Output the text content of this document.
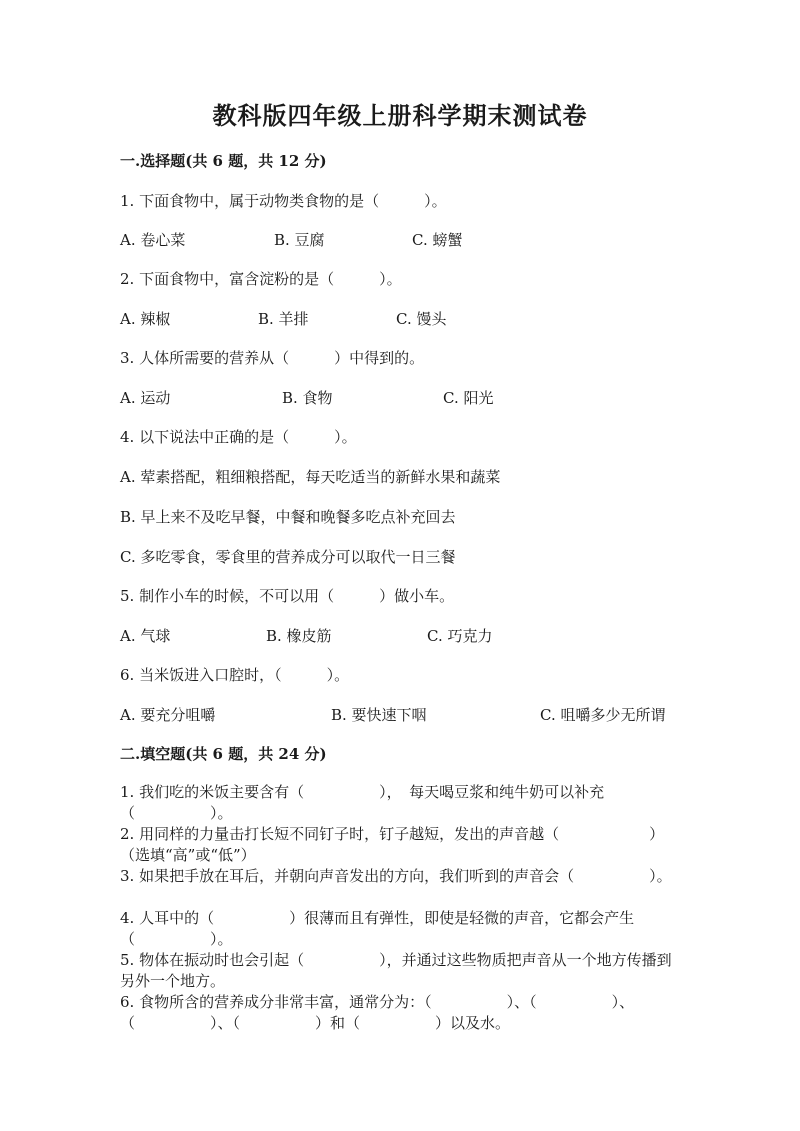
教科版四年级上册科学期末测试卷
一.选择题(共 6 题，共 12 分)
1. 下面食物中，属于动物类食物的是（　　　）。
A. 卷心菜	B. 豆腐	C. 螃蟹
2. 下面食物中，富含淀粉的是（　　　）。
A. 辣椒	B. 羊排	C. 馒头
3. 人体所需要的营养从（　　　）中得到的。
A. 运动	B. 食物	C. 阳光
4. 以下说法中正确的是（　　　）。
A. 荤素搭配，粗细粮搭配，每天吃适当的新鲜水果和蔬菜
B. 早上来不及吃早餐，中餐和晚餐多吃点补充回去
C. 多吃零食，零食里的营养成分可以取代一日三餐
5. 制作小车的时候，不可以用（　　　）做小车。
A. 气球	B. 橡皮筋	C. 巧克力
6. 当米饭进入口腔时，（　　　）。
A. 要充分咀嚼	B. 要快速下咽	C. 咀嚼多少无所谓
二.填空题(共 6 题，共 24 分)
1. 我们吃的米饭主要含有（　　　　　），　每天喝豆浆和纯牛奶可以补充（　　　　　）。
2. 用同样的力量击打长短不同钉子时，钉子越短，发出的声音越（　　　　　　）（选填“高”或“低”）
3. 如果把手放在耳后，并朝向声音发出的方向，我们听到的声音会（　　　　　）。
4. 人耳中的（　　　　　）很薄而且有弹性，即使是轻微的声音，它都会产生（　　　　　）。
5. 物体在振动时也会引起（　　　　　），并通过这些物质把声音从一个地方传播到另外一个地方。
6. 食物所含的营养成分非常丰富，通常分为：（　　　　　）、（　　　　　）、（　　　　　）、（　　　　　）和（　　　　　）以及水。
